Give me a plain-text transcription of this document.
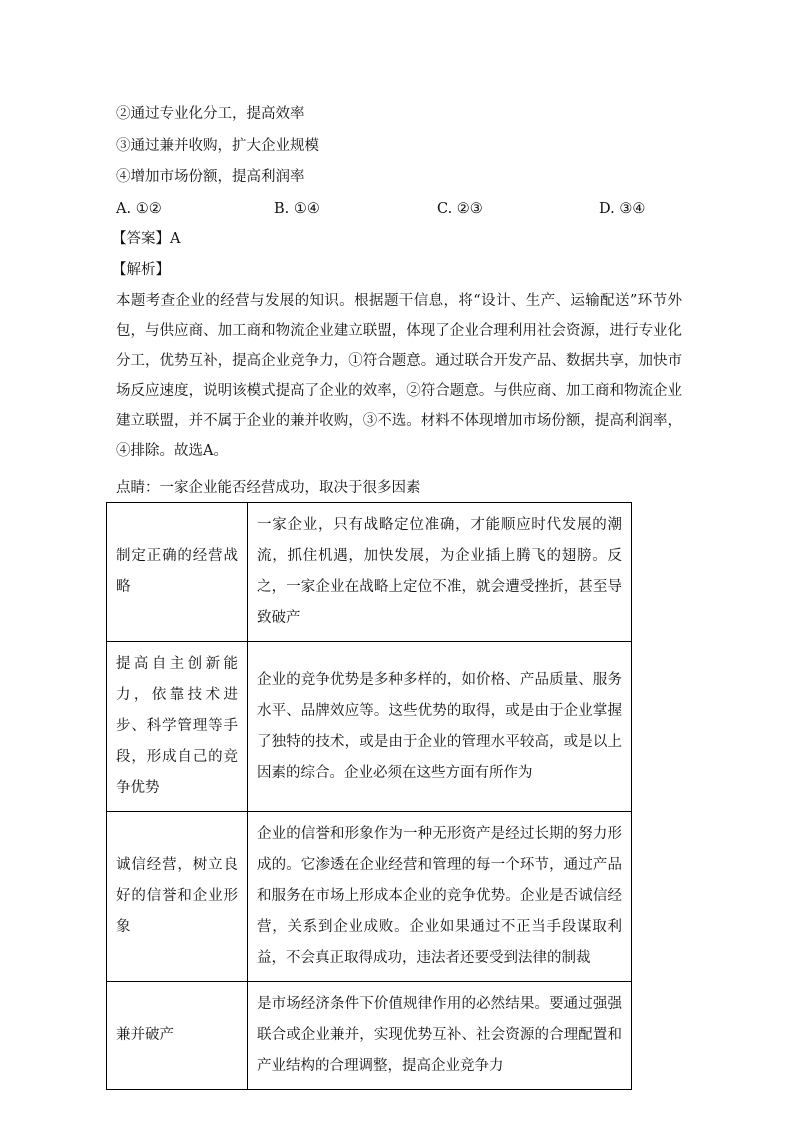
②通过专业化分工，提高效率
③通过兼并收购，扩大企业规模
④增加市场份额，提高利润率
A. ①②	B. ①④	C. ②③	D. ③④
【答案】A
【解析】
本题考查企业的经营与发展的知识。根据题干信息，将“设计、生产、运输配送”环节外包，与供应商、加工商和物流企业建立联盟，体现了企业合理利用社会资源，进行专业化分工，优势互补，提高企业竞争力，①符合题意。通过联合开发产品、数据共享，加快市场反应速度，说明该模式提高了企业的效率，②符合题意。与供应商、加工商和物流企业建立联盟，并不属于企业的兼并收购，③不选。材料不体现增加市场份额，提高利润率，④排除。故选A。
点睛：一家企业能否经营成功，取决于很多因素
制定正确的经营战略	一家企业，只有战略定位准确，才能顺应时代发展的潮流，抓住机遇，加快发展，为企业插上腾飞的翅膀。反之，一家企业在战略上定位不准，就会遭受挫折，甚至导致破产
提高自主创新能力，依靠技术进步、科学管理等手段，形成自己的竞争优势	企业的竞争优势是多种多样的，如价格、产品质量、服务水平、品牌效应等。这些优势的取得，或是由于企业掌握了独特的技术，或是由于企业的管理水平较高，或是以上因素的综合。企业必须在这些方面有所作为
诚信经营，树立良好的信誉和企业形象	企业的信誉和形象作为一种无形资产是经过长期的努力形成的。它渗透在企业经营和管理的每一个环节，通过产品和服务在市场上形成本企业的竞争优势。企业是否诚信经营，关系到企业成败。企业如果通过不正当手段谋取利益，不会真正取得成功，违法者还要受到法律的制裁
兼并破产	是市场经济条件下价值规律作用的必然结果。要通过强强联合或企业兼并，实现优势互补、社会资源的合理配置和产业结构的合理调整，提高企业竞争力
